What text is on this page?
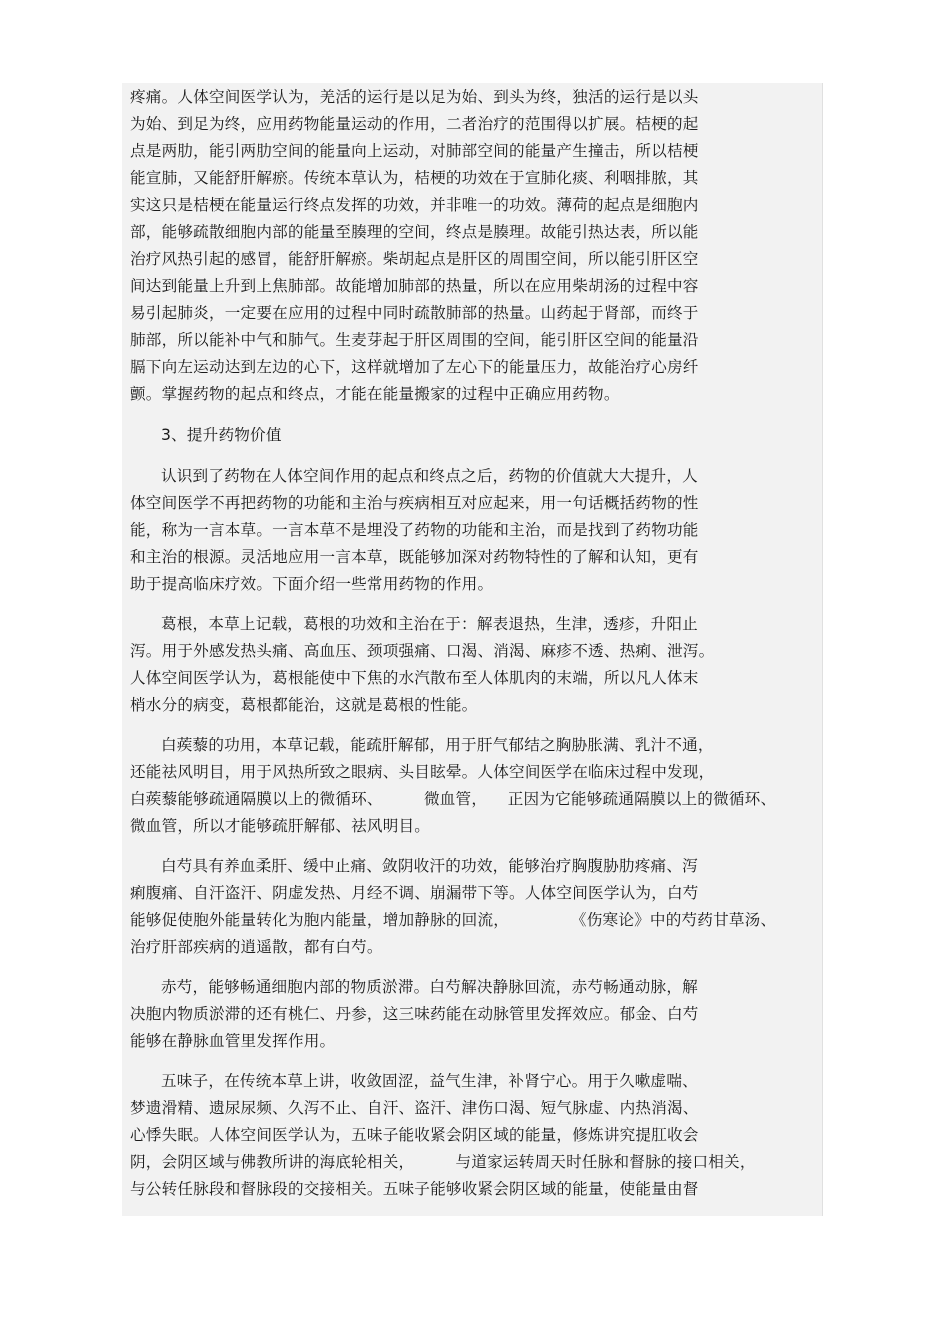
疼痛。人体空间医学认为，羌活的运行是以足为始、到头为终，独活的运行是以头
为始、到足为终，应用药物能量运动的作用，二者治疗的范围得以扩展。桔梗的起
点是两肋，能引两肋空间的能量向上运动，对肺部空间的能量产生撞击，所以桔梗
能宣肺，又能舒肝解瘀。传统本草认为，桔梗的功效在于宣肺化痰、利咽排脓，其
实这只是桔梗在能量运行终点发挥的功效，并非唯一的功效。薄荷的起点是细胞内
部，能够疏散细胞内部的能量至腠理的空间，终点是腠理。故能引热达表，所以能
治疗风热引起的感冒，能舒肝解瘀。柴胡起点是肝区的周围空间，所以能引肝区空
间达到能量上升到上焦肺部。故能增加肺部的热量，所以在应用柴胡汤的过程中容
易引起肺炎，一定要在应用的过程中同时疏散肺部的热量。山药起于肾部，而终于
肺部，所以能补中气和肺气。生麦芽起于肝区周围的空间，能引肝区空间的能量沿
膈下向左运动达到左边的心下，这样就增加了左心下的能量压力，故能治疗心房纤
颤。掌握药物的起点和终点，才能在能量搬家的过程中正确应用药物。
3、提升药物价值
认识到了药物在人体空间作用的起点和终点之后，药物的价值就大大提升，人
体空间医学不再把药物的功能和主治与疾病相互对应起来，用一句话概括药物的性
能，称为一言本草。一言本草不是埋没了药物的功能和主治，而是找到了药物功能
和主治的根源。灵活地应用一言本草，既能够加深对药物特性的了解和认知，更有
助于提高临床疗效。下面介绍一些常用药物的作用。
葛根，本草上记载，葛根的功效和主治在于：解表退热，生津，透疹，升阳止
泻。用于外感发热头痛、高血压、颈项强痛、口渴、消渴、麻疹不透、热痢、泄泻。
人体空间医学认为，葛根能使中下焦的水汽散布至人体肌肉的末端，所以凡人体末
梢水分的病变，葛根都能治，这就是葛根的性能。
白蒺藜的功用，本草记载，能疏肝解郁，用于肝气郁结之胸胁胀满、乳汁不通，
还能祛风明目，用于风热所致之眼病、头目眩晕。人体空间医学在临床过程中发现，
白蒺藜能够疏通隔膜以上的微循环、        微血管，    正因为它能够疏通隔膜以上的微循环、
微血管，所以才能够疏肝解郁、祛风明目。
白芍具有养血柔肝、缓中止痛、敛阴收汗的功效，能够治疗胸腹胁肋疼痛、泻
痢腹痛、自汗盗汗、阴虚发热、月经不调、崩漏带下等。人体空间医学认为，白芍
能够促使胞外能量转化为胞内能量，增加静脉的回流，            《伤寒论》中的芍药甘草汤、
治疗肝部疾病的逍遥散，都有白芍。
赤芍，能够畅通细胞内部的物质淤滞。白芍解决静脉回流，赤芍畅通动脉，解
决胞内物质淤滞的还有桃仁、丹参，这三味药能在动脉管里发挥效应。郁金、白芍
能够在静脉血管里发挥作用。
五味子，在传统本草上讲，收敛固涩，益气生津，补肾宁心。用于久嗽虚喘、
梦遗滑精、遗尿尿频、久泻不止、自汗、盗汗、津伤口渴、短气脉虚、内热消渴、
心悸失眠。人体空间医学认为，五味子能收紧会阴区域的能量，修炼讲究提肛收会
阴，会阴区域与佛教所讲的海底轮相关，        与道家运转周天时任脉和督脉的接口相关，
与公转任脉段和督脉段的交接相关。五味子能够收紧会阴区域的能量，使能量由督
